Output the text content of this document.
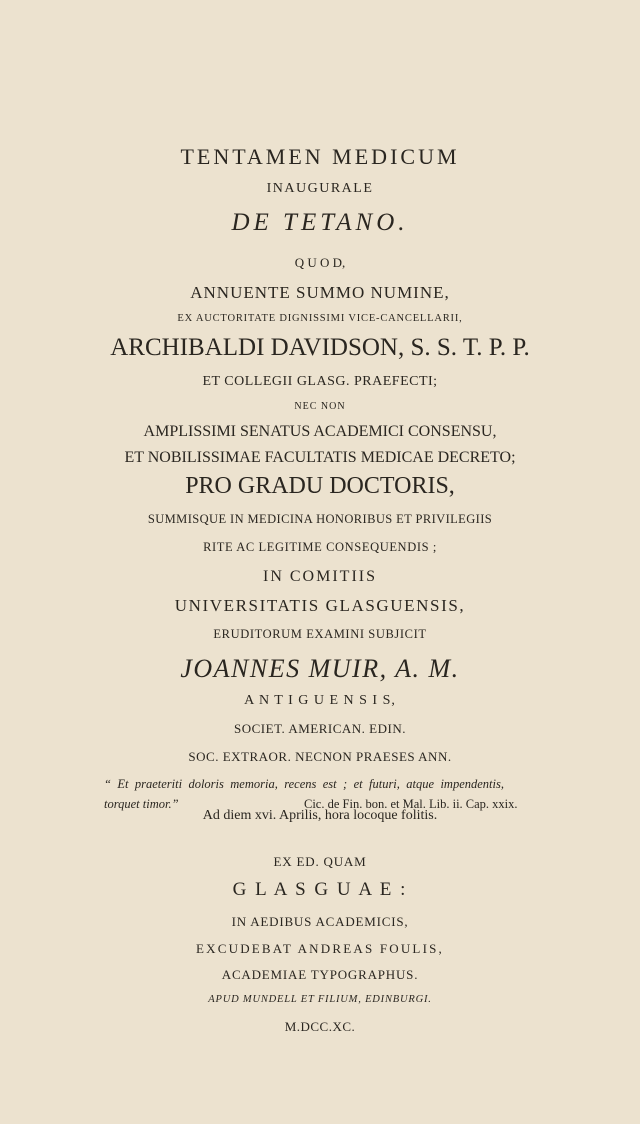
TENTAMEN MEDICUM
INAUGURALE
DE TETANO.
Q U O D,
ANNUENTE SUMMO NUMINE,
EX AUCTORITATE DIGNISSIMI VICE-CANCELLARII,
ARCHIBALDI DAVIDSON, S. S. T. P. P.
ET COLLEGII GLASG. PRAEFECTI;
NEC NON
AMPLISSIMI SENATUS ACADEMICI CONSENSU,
ET NOBILISSIMAE FACULTATIS MEDICAE DECRETO;
PRO GRADU DOCTORIS,
SUMMISQUE IN MEDICINA HONORIBUS ET PRIVILEGIIS
RITE AC LEGITIME CONSEQUENDIS ;
IN COMITIIS
UNIVERSITATIS GLASGUENSIS,
ERUDITORUM EXAMINI SUBJICIT
JOANNES MUIR, A. M.
A N T I G U E N S I S,
SOCIET. AMERICAN. EDIN.
SOC. EXTRAOR. NECNON PRAESES ANN.
“ Et praeteriti doloris memoria, recens est ; et futuri, atque impendentis, torquet timor.”	Cic. de Fin. bon. et Mal. Lib. ii. Cap. xxix.
Ad diem xvi. Aprilis, hora locoque folitis.
EX ED. QUAM
G L A S G U A E :
IN AEDIBUS ACADEMICIS,
EXCUDEBAT ANDREAS FOULIS,
ACADEMIAE TYPOGRAPHUS.
APUD MUNDELL ET FILIUM, EDINBURGI.
M.DCC.XC.
